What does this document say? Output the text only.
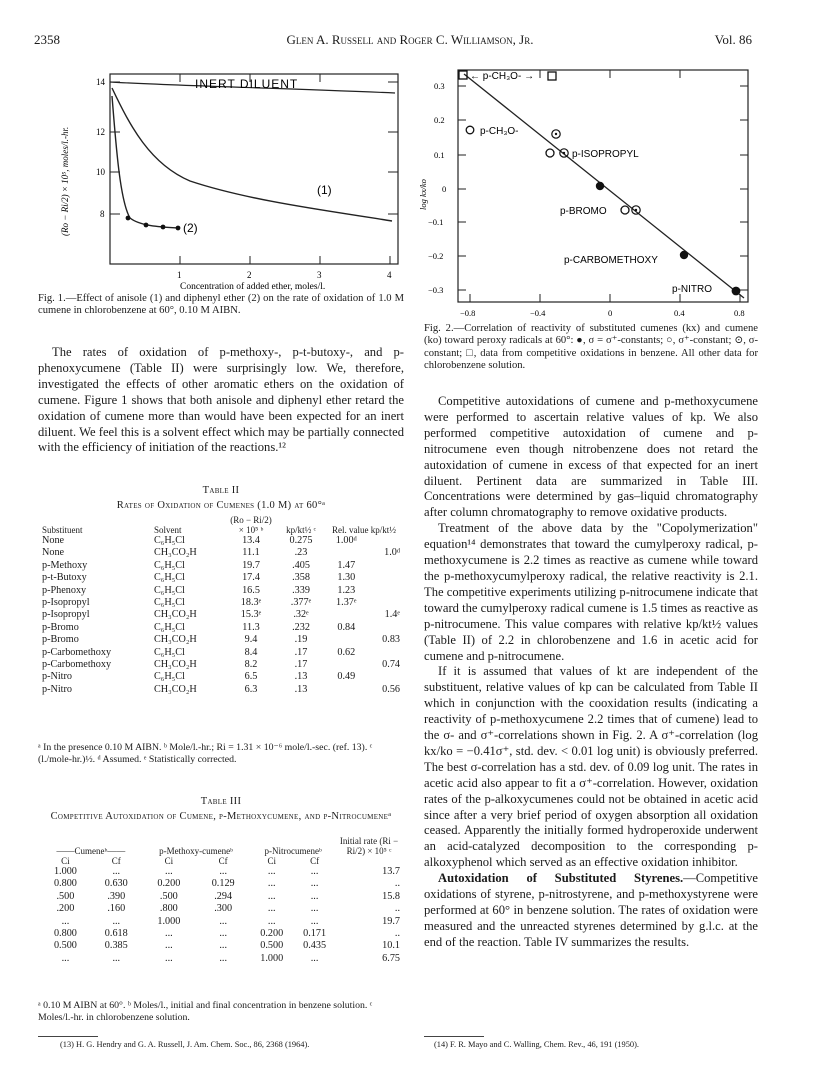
2358	Glen A. Russell and Roger C. Williamson, Jr.	Vol. 86
14
12
10
8
1	2	3	4
INERT DILUENT
(1)
(2)
(Ro − Ri/2) × 10⁵, moles/l.-hr.
Concentration of added ether, moles/l.
Fig. 1.—Effect of anisole (1) and diphenyl ether (2) on the rate of oxidation of 1.0 M cumene in chlorobenzene at 60°, 0.10 M AIBN.
0.3
0.2
0.1
0
−0.1
−0.2
−0.3
−0.8	−0.4	0	0.4	0.8
log kx/ko
← p-CH₃O- →
p-CH₃O-
p-ISOPROPYL
p-BROMO
p-CARBOMETHOXY
p-NITRO
Fig. 2.—Correlation of reactivity of substituted cumenes (kx) and cumene (ko) toward peroxy radicals at 60°: ●, σ = σ⁺-constants; ○, σ⁺-constant; ⊙, σ-constant; □, data from competitive oxidations in benzene. All other data for chlorobenzene solution.

The rates of oxidation of p-methoxy-, p-t-butoxy-, and p-phenoxycumene (Table II) were surprisingly low. We, therefore, investigated the effects of other aromatic ethers on the oxidation of cumene. Figure 1 shows that both anisole and diphenyl ether retard the oxidation of cumene more than would have been expected for an inert diluent. We feel this is a solvent effect which may be partially connected with the efficiency of initiation of the reactions.¹²

Table II
Rates of Oxidation of Cumenes (1.0 M) at 60°ᵃ
Substituent	Solvent	(Ro − Ri/2) × 10⁵ ᵇ	kp/kt½ ᶜ	Rel. value kp/kt½	
None	C₆H₅Cl	13.4	0.275	1.00ᵈ	
None	CH₃CO₂H	11.1	.23		1.0ᵈ
p-Methoxy	C₆H₅Cl	19.7	.405	1.47	
p-t-Butoxy	C₆H₅Cl	17.4	.358	1.30	
p-Phenoxy	C₆H₅Cl	16.5	.339	1.23	
p-Isopropyl	C₆H₅Cl	18.3ᵉ	.377ᵉ	1.37ᵉ	
p-Isopropyl	CH₃CO₂H	15.3ᵉ	.32ᵉ		1.4ᵉ
p-Bromo	C₆H₅Cl	11.3	.232	0.84	
p-Bromo	CH₃CO₂H	9.4	.19		0.83
p-Carbomethoxy	C₆H₅Cl	8.4	.17	0.62	
p-Carbomethoxy	CH₃CO₂H	8.2	.17		0.74
p-Nitro	C₆H₅Cl	6.5	.13	0.49	
p-Nitro	CH₃CO₂H	6.3	.13		0.56
ᵃ In the presence 0.10 M AIBN. ᵇ Mole/l.-hr.; Ri = 1.31 × 10⁻⁶ mole/l.-sec. (ref. 13). ᶜ (l./mole-hr.)½. ᵈ Assumed. ᵉ Statistically corrected.
Table III
Competitive Autoxidation of Cumene, p-Methoxycumene, and p-Nitrocumeneᵃ
——Cumeneᵇ——		p-Methoxy-cumeneᵇ		p-Nitrocumeneᵇ		Initial rate (Ri − Ri/2) × 10⁵ ᶜ
Ci	Cf	Ci	Cf	Ci	Cf	
1.000	...	...	...	...	...	13.7
0.800	0.630	0.200	0.129	...	...	..
.500	.390	.500	.294	...	...	15.8
.200	.160	.800	.300	...	...	..
...	...	1.000	...	...	...	19.7
0.800	0.618	...	...	0.200	0.171	..
0.500	0.385	...	...	0.500	0.435	10.1
...	...	...	...	1.000	...	6.75
ᵃ 0.10 M AIBN at 60°. ᵇ Moles/l., initial and final concentration in benzene solution. ᶜ Moles/l.-hr. in chlorobenzene solution.
(13) H. G. Hendry and G. A. Russell, J. Am. Chem. Soc., 86, 2368 (1964).

Competitive autoxidations of cumene and p-methoxycumene were performed to ascertain relative values of kp. We also performed competitive autoxidation of cumene and p-nitrocumene even though nitrobenzene does not retard the autoxidation of cumene in excess of that expected for an inert diluent. Pertinent data are summarized in Table III. Concentrations were determined by gas–liquid chromatography after column chromatography to remove oxidative products.

Treatment of the above data by the "Copolymerization" equation¹⁴ demonstrates that toward the cumylperoxy radical, p-methoxycumene is 2.2 times as reactive as cumene while toward the p-methoxycumylperoxy radical, the relative reactivity is 2.1. The competitive experiments utilizing p-nitrocumene indicate that toward the cumylperoxy radical cumene is 1.5 times as reactive as p-nitrocumene. This value compares with relative kp/kt½ values (Table II) of 2.2 in chlorobenzene and 1.6 in acetic acid for cumene and p-nitrocumene.

If it is assumed that values of kt are independent of the substituent, relative values of kp can be calculated from Table II which in conjunction with the cooxidation results (indicating a reactivity of p-methoxycumene 2.2 times that of cumene) lead to the σ- and σ⁺-correlations shown in Fig. 2. A σ⁺-correlation (log kx/ko = −0.41σ⁺, std. dev. < 0.01 log unit) is obviously preferred. The best σ-correlation has a std. dev. of 0.09 log unit. The rates in acetic acid also appear to fit a σ⁺-correlation. However, oxidation rates of the p-alkoxycumenes could not be obtained in acetic acid since after a very brief period of oxygen absorption all oxidation ceased. Apparently the initially formed hydroperoxide underwent an acid-catalyzed decomposition to the corresponding p-alkoxyphenol which served as an effective oxidation inhibitor.

Autoxidation of Substituted Styrenes.—Competitive oxidations of styrene, p-nitrostyrene, and p-methoxystyrene were performed at 60° in benzene solution. The rates of oxidation were measured and the unreacted styrenes determined by g.l.c. at the end of the reaction. Table IV summarizes the results.

(14) F. R. Mayo and C. Walling, Chem. Rev., 46, 191 (1950).
